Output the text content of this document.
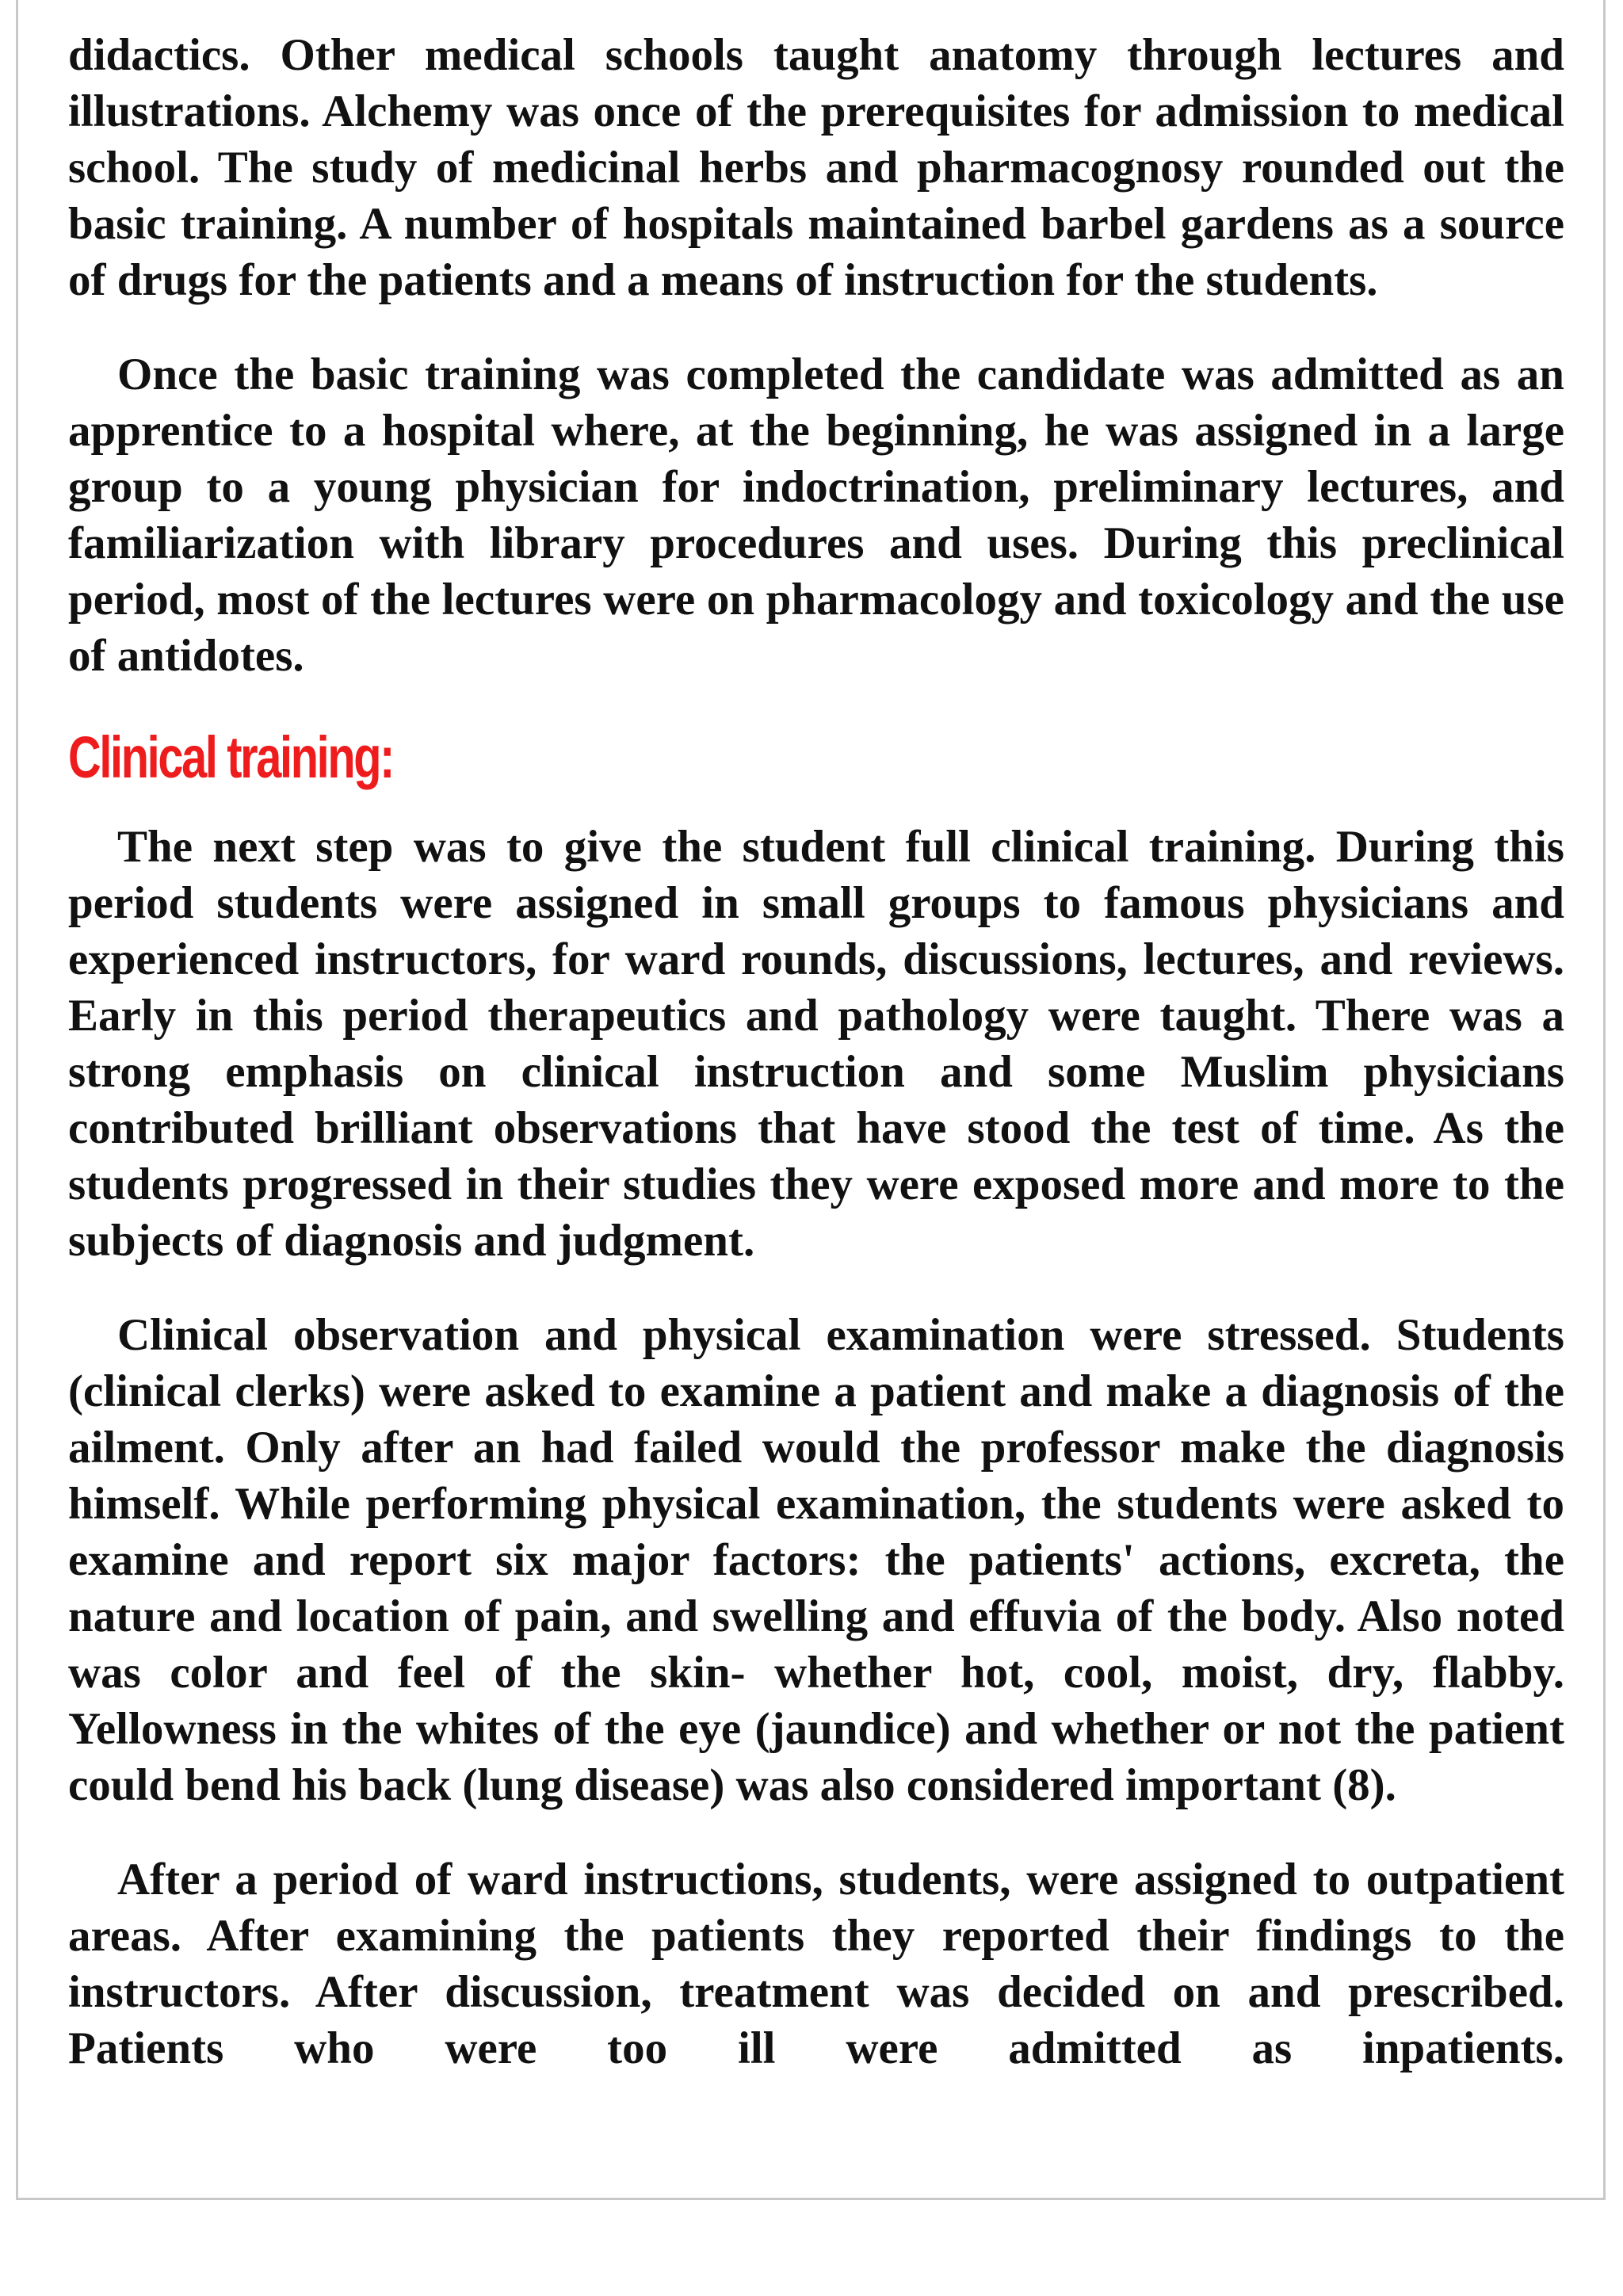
didactics. Other medical schools taught anatomy through lectures and illustrations. Alchemy was once of the prerequisites for admission to medical school. The study of medicinal herbs and pharmacognosy rounded out the basic training. A number of hospitals maintained barbel gardens as a source of drugs for the patients and a means of instruction for the students.

Once the basic training was completed the candidate was admitted as an apprentice to a hospital where, at the beginning, he was assigned in a large group to a young physician for indoctrination, preliminary lectures, and familiarization with library procedures and uses. During this preclinical period, most of the lectures were on pharmacology and toxicology and the use of antidotes.

Clinical training:

The next step was to give the student full clinical training. During this period students were assigned in small groups to famous physicians and experienced instructors, for ward rounds, discussions, lectures, and reviews. Early in this period therapeutics and pathology were taught. There was a strong emphasis on clinical instruction and some Muslim physicians contributed brilliant observations that have stood the test of time. As the students progressed in their studies they were exposed more and more to the subjects of diagnosis and judgment.

Clinical observation and physical examination were stressed. Students (clinical clerks) were asked to examine a patient and make a diagnosis of the ailment. Only after an had failed would the professor make the diagnosis himself. While performing physical examination, the students were asked to examine and report six major factors: the patients' actions, excreta, the nature and location of pain, and swelling and effuvia of the body. Also noted was color and feel of the skin- whether hot, cool, moist, dry, flabby. Yellowness in the whites of the eye (jaundice) and whether or not the patient could bend his back (lung disease) was also considered important (8).

After a period of ward instructions, students, were assigned to outpatient areas. After examining the patients they reported their findings to the instructors. After discussion, treatment was decided on and prescribed. Patients who were too ill were admitted as inpatients.
